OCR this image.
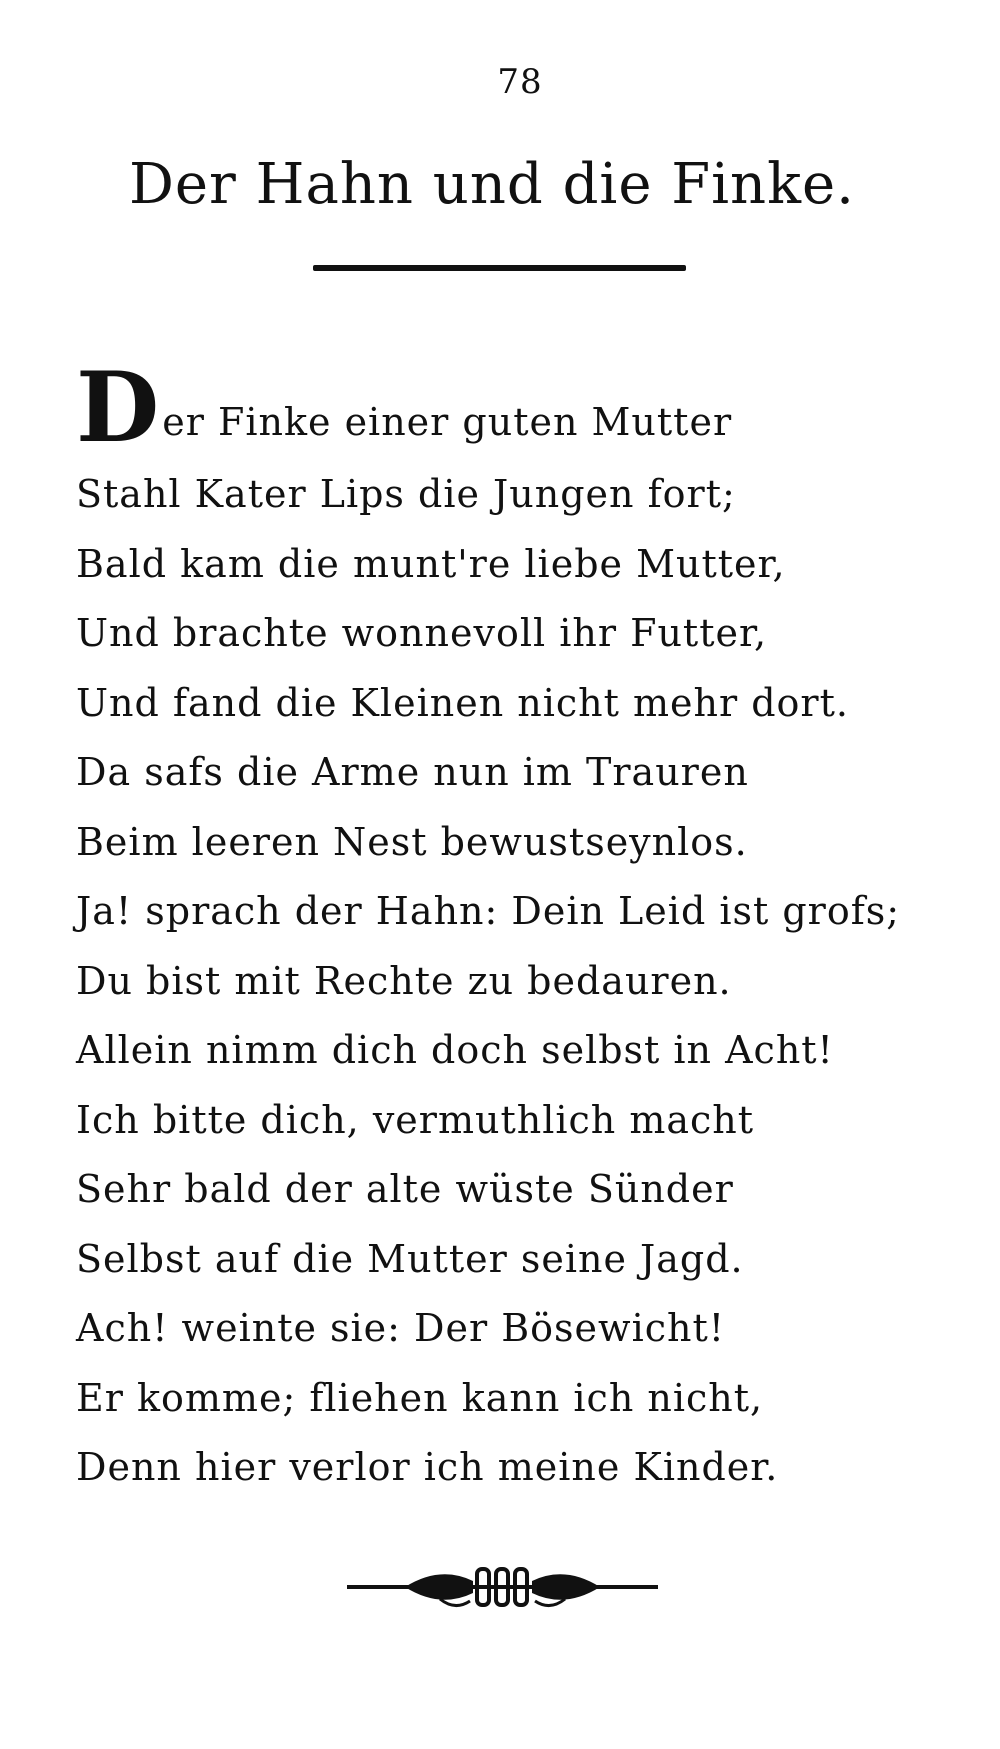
78
Der Hahn und die Finke.
Der Finke einer guten Mutter
Stahl Kater Lips die Jungen fort;
Bald kam die munt're liebe Mutter,
Und brachte wonnevoll ihr Futter,
Und fand die Kleinen nicht mehr dort.
Da safs die Arme nun im Trauren
Beim leeren Nest bewustseynlos.
Ja! sprach der Hahn: Dein Leid ist grofs;
Du bist mit Rechte zu bedauren.
Allein nimm dich doch selbst in Acht!
Ich bitte dich, vermuthlich macht
Sehr bald der alte wüste Sünder
Selbst auf die Mutter seine Jagd.
Ach! weinte sie: Der Bösewicht!
Er komme; fliehen kann ich nicht,
Denn hier verlor ich meine Kinder.
